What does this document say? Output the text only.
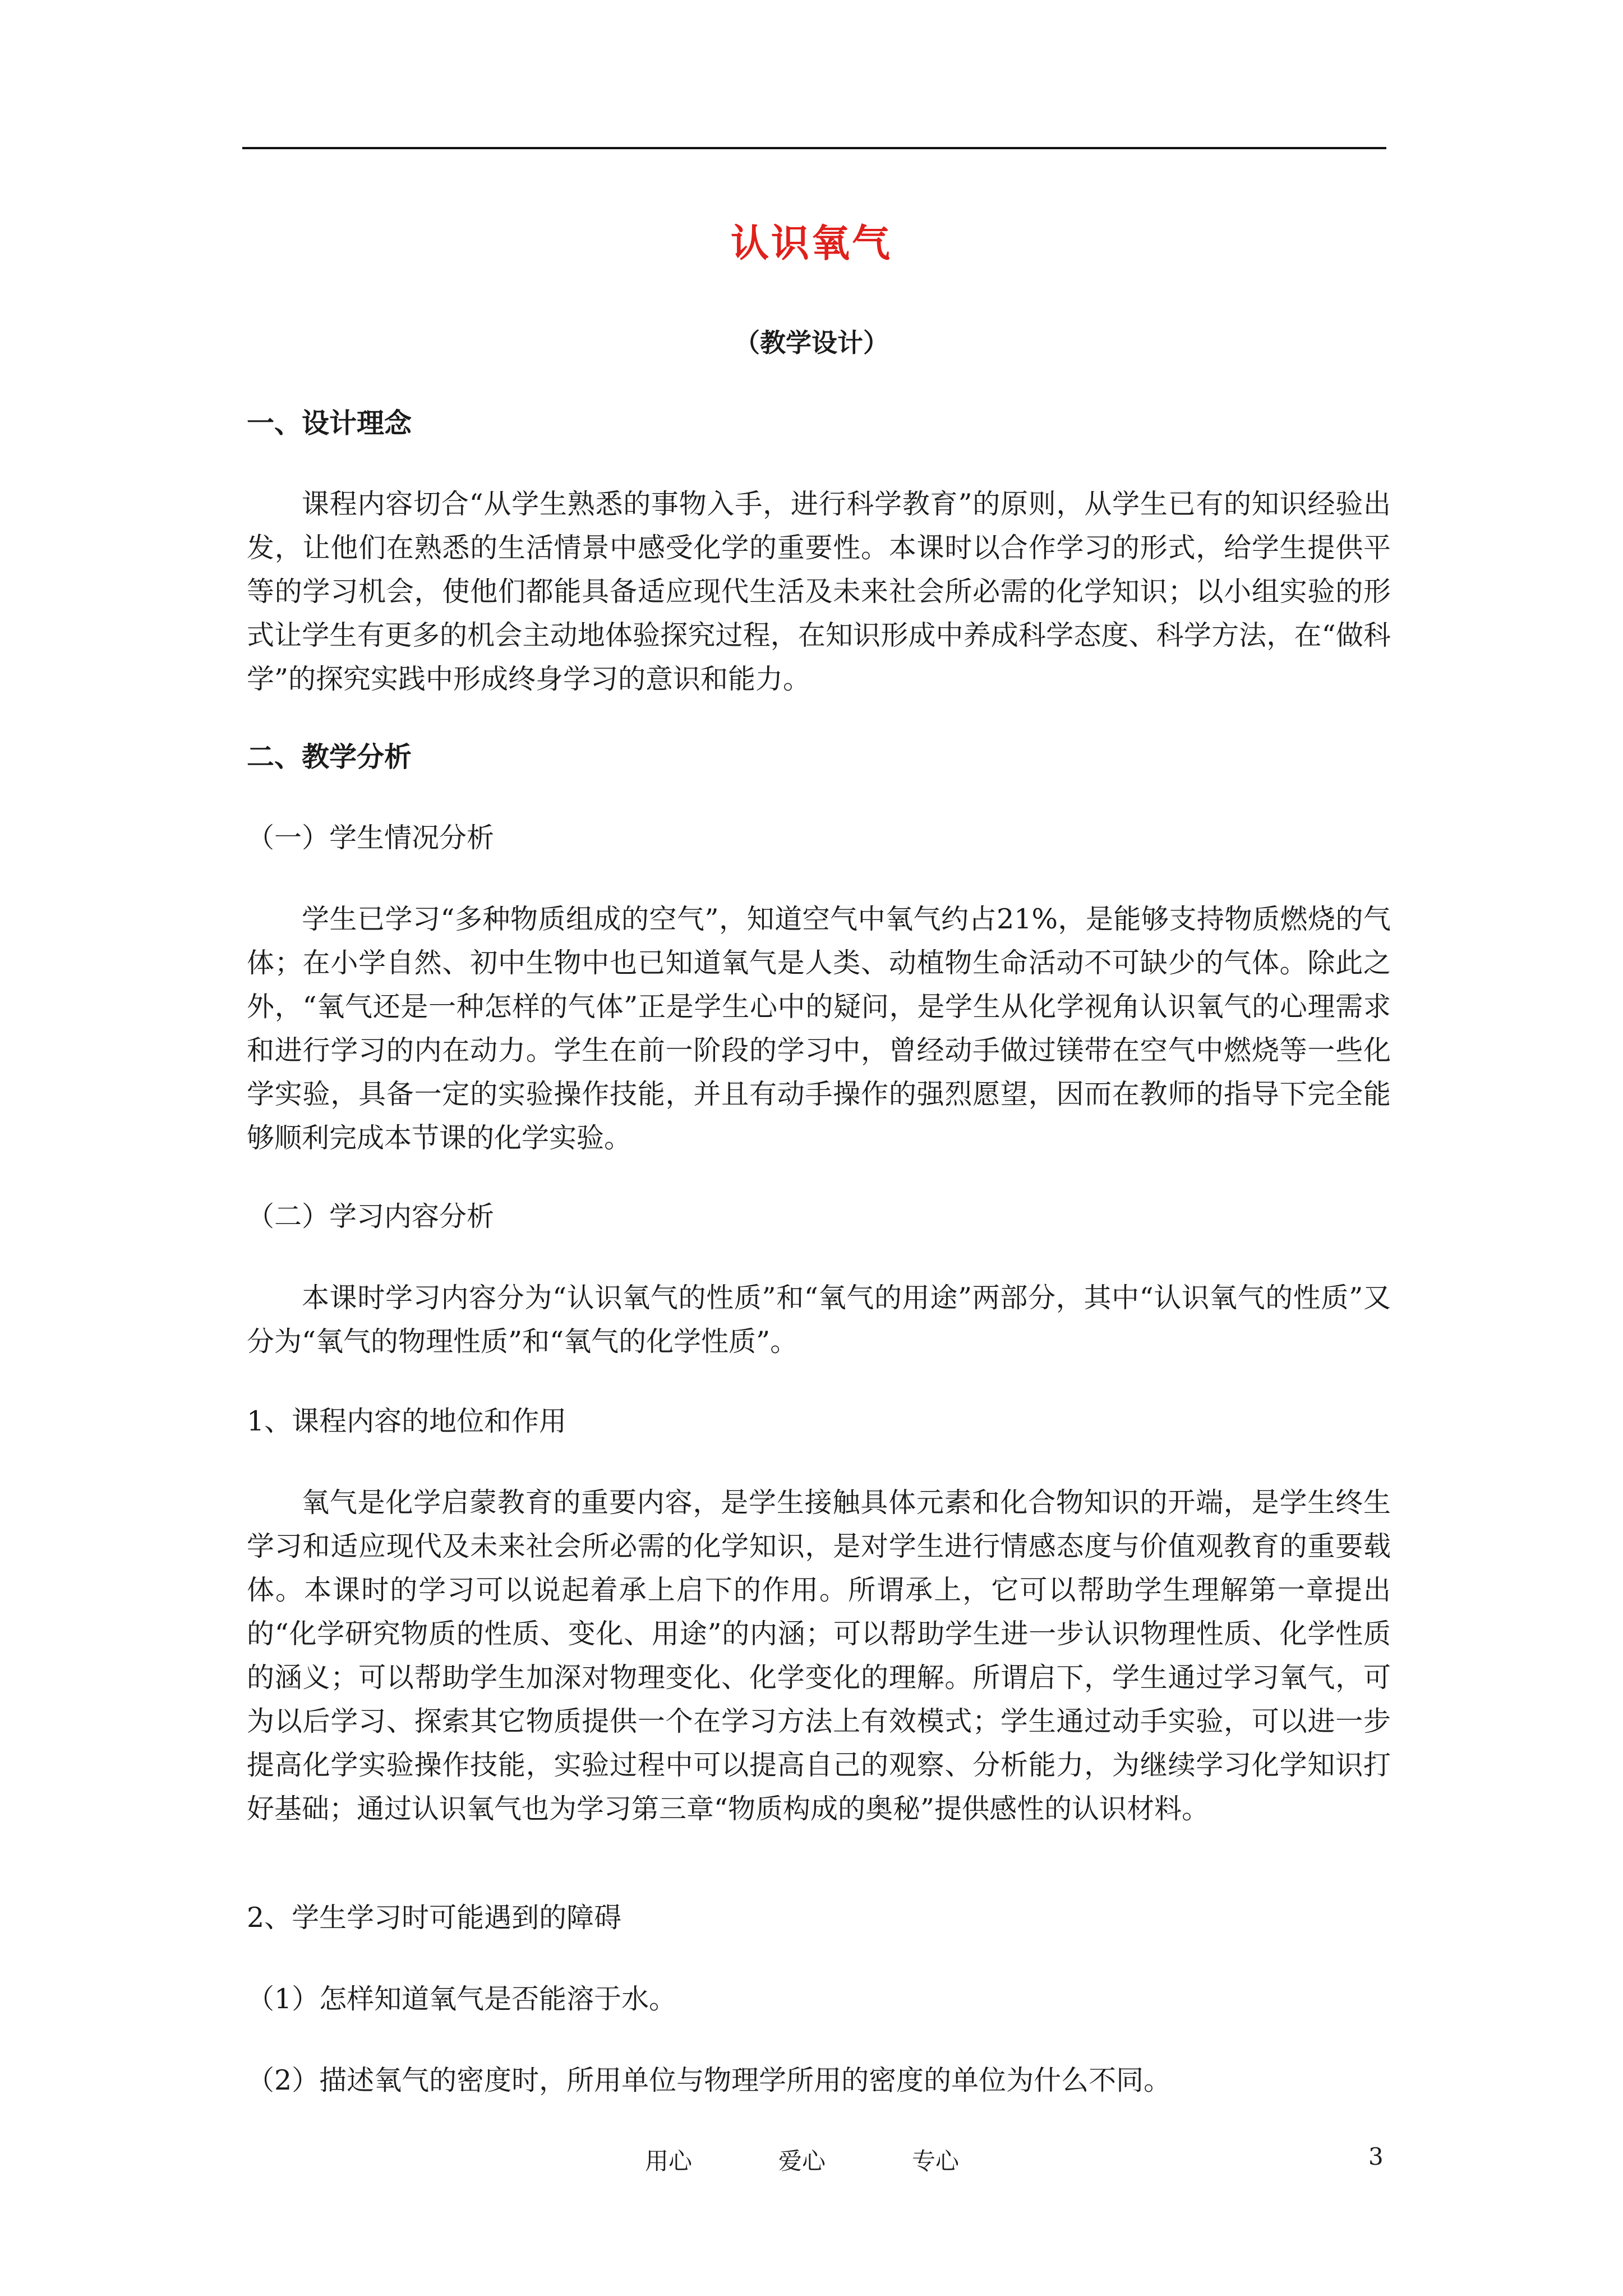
认识氧气
（教学设计）
一、设计理念
课程内容切合“从学生熟悉的事物入手，进行科学教育”的原则，从学生已有的知识经验出发，让他们在熟悉的生活情景中感受化学的重要性。本课时以合作学习的形式，给学生提供平等的学习机会，使他们都能具备适应现代生活及未来社会所必需的化学知识；以小组实验的形式让学生有更多的机会主动地体验探究过程，在知识形成中养成科学态度、科学方法，在“做科学”的探究实践中形成终身学习的意识和能力。
二、教学分析
（一）学生情况分析
学生已学习“多种物质组成的空气”，知道空气中氧气约占21%，是能够支持物质燃烧的气体；在小学自然、初中生物中也已知道氧气是人类、动植物生命活动不可缺少的气体。除此之外，“氧气还是一种怎样的气体”正是学生心中的疑问，是学生从化学视角认识氧气的心理需求和进行学习的内在动力。学生在前一阶段的学习中，曾经动手做过镁带在空气中燃烧等一些化学实验，具备一定的实验操作技能，并且有动手操作的强烈愿望，因而在教师的指导下完全能够顺利完成本节课的化学实验。
（二）学习内容分析
本课时学习内容分为“认识氧气的性质”和“氧气的用途”两部分，其中“认识氧气的性质”又分为“氧气的物理性质”和“氧气的化学性质”。
1、课程内容的地位和作用
氧气是化学启蒙教育的重要内容，是学生接触具体元素和化合物知识的开端，是学生终生学习和适应现代及未来社会所必需的化学知识，是对学生进行情感态度与价值观教育的重要载体。本课时的学习可以说起着承上启下的作用。所谓承上，它可以帮助学生理解第一章提出的“化学研究物质的性质、变化、用途”的内涵；可以帮助学生进一步认识物理性质、化学性质的涵义；可以帮助学生加深对物理变化、化学变化的理解。所谓启下，学生通过学习氧气，可为以后学习、探索其它物质提供一个在学习方法上有效模式；学生通过动手实验，可以进一步提高化学实验操作技能，实验过程中可以提高自己的观察、分析能力，为继续学习化学知识打好基础；通过认识氧气也为学习第三章“物质构成的奥秘”提供感性的认识材料。
2、学生学习时可能遇到的障碍
（1）怎样知道氧气是否能溶于水。
（2）描述氧气的密度时，所用单位与物理学所用的密度的单位为什么不同。
用心	爱心	专心	3
